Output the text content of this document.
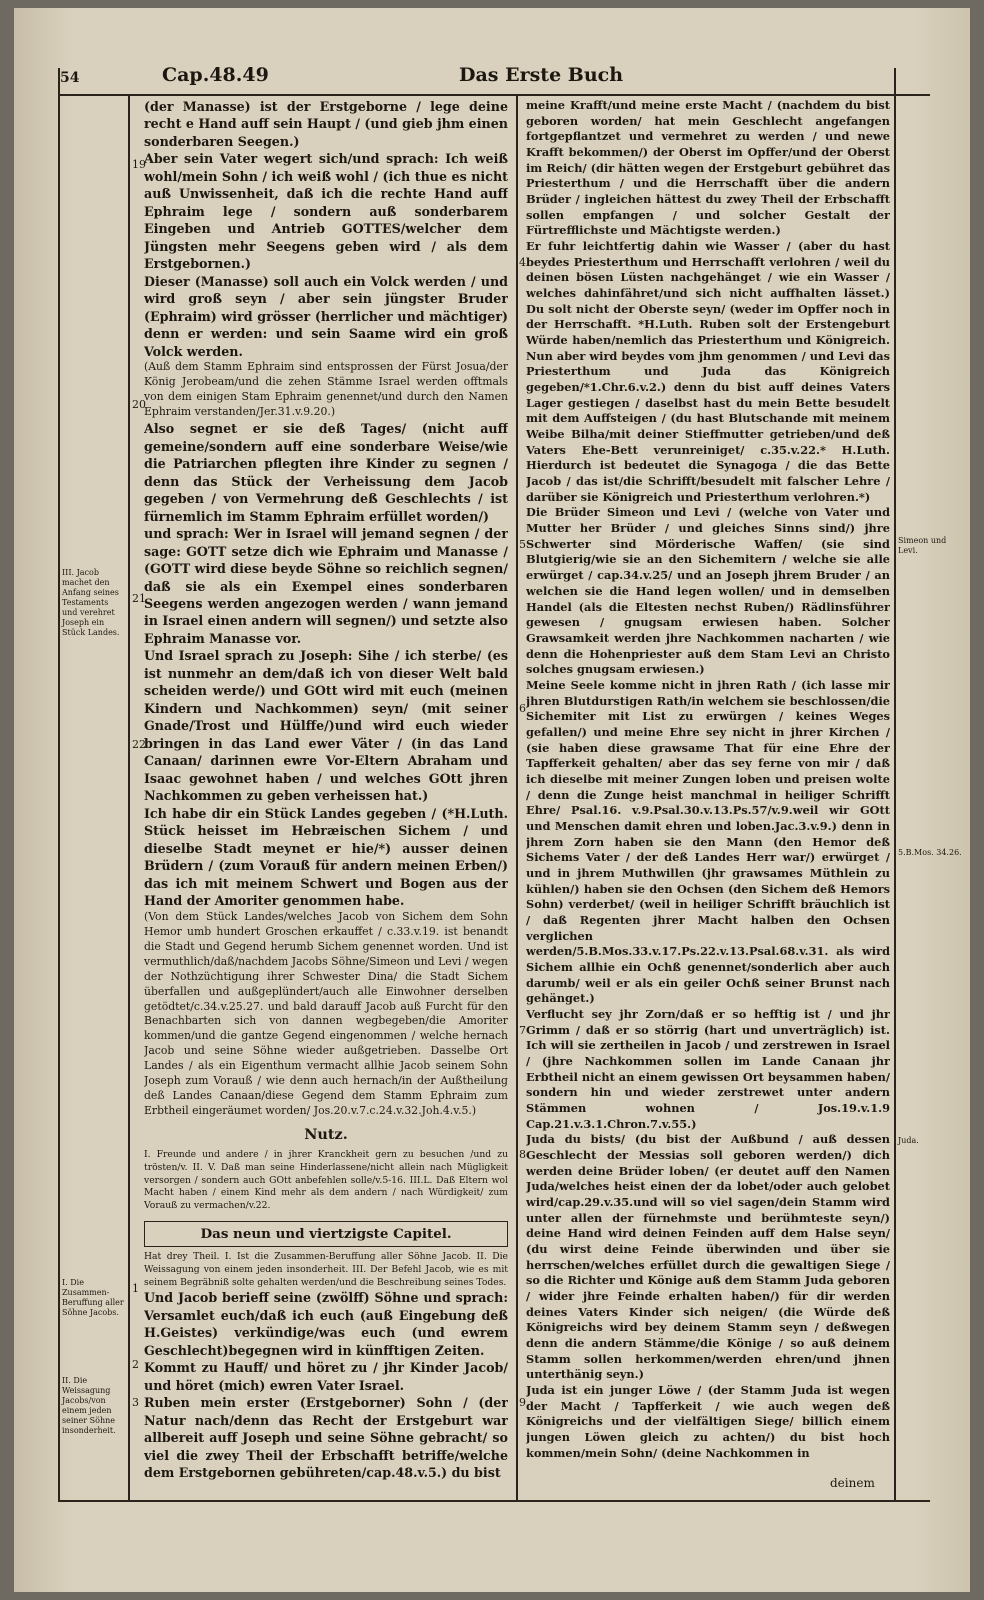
54	Cap.48.49	Das Erste Buch
III. Jacob machet den Anfang seines Testaments und verehret Joseph ein Stück Landes.
I. Die Zusammen-Beruffung aller Söhne Jacobs.
II. Die Weissagung Jacobs/von einem jeden seiner Söhne insonderheit.
Simeon und Levi.
5.B.Mos. 34.26.
Juda.
19
20
21
22
1
2
3
4
5
6
7
8
9

(der Manasse) ist der Erstgeborne / lege deine recht e Hand auff sein Haupt / (und gieb jhm einen sonderbaren Seegen.)

Aber sein Vater wegert sich/und sprach: Ich weiß wohl/mein Sohn / ich weiß wohl / (ich thue es nicht auß Unwissenheit, daß ich die rechte Hand auff Ephraim lege / sondern auß sonderbarem Eingeben und Antrieb GOTTES/welcher dem Jüngsten mehr Seegens geben wird / als dem Erstgebornen.)

Dieser (Manasse) soll auch ein Volck werden / und wird groß seyn / aber sein jüngster Bruder (Ephraim) wird grösser (herrlicher und mächtiger) denn er werden: und sein Saame wird ein groß Volck werden.

(Auß dem Stamm Ephraim sind entsprossen der Fürst Josua/der König Jerobeam/und die zehen Stämme Israel werden offtmals von dem einigen Stam Ephraim genennet/und durch den Namen Ephraim verstanden/Jer.31.v.9.20.)

Also segnet er sie deß Tages/ (nicht auff gemeine/sondern auff eine sonderbare Weise/wie die Patriarchen pflegten ihre Kinder zu segnen / denn das Stück der Verheissung dem Jacob gegeben / von Vermehrung deß Geschlechts / ist fürnemlich im Stamm Ephraim erfüllet worden/)

und sprach: Wer in Israel will jemand segnen / der sage: GOTT setze dich wie Ephraim und Manasse / (GOTT wird diese beyde Söhne so reichlich segnen/ daß sie als ein Exempel eines sonderbaren Seegens werden angezogen werden / wann jemand in Israel einen andern will segnen/) und setzte also Ephraim Manasse vor.

Und Israel sprach zu Joseph: Sihe / ich sterbe/ (es ist nunmehr an dem/daß ich von dieser Welt bald scheiden werde/) und GOtt wird mit euch (meinen Kindern und Nachkommen) seyn/ (mit seiner Gnade/Trost und Hülffe/)und wird euch wieder bringen in das Land ewer Väter / (in das Land Canaan/ darinnen ewre Vor-Eltern Abraham und Isaac gewohnet haben / und welches GOtt jhren Nachkommen zu geben verheissen hat.)

Ich habe dir ein Stück Landes gegeben / (*H.Luth. Stück heisset im Hebræischen Sichem / und dieselbe Stadt meynet er hie/*) ausser deinen Brüdern / (zum Vorauß für andern meinen Erben/) das ich mit meinem Schwert und Bogen aus der Hand der Amoriter genommen habe.

(Von dem Stück Landes/welches Jacob von Sichem dem Sohn Hemor umb hundert Groschen erkauffet / c.33.v.19. ist benandt die Stadt und Gegend herumb Sichem genennet worden. Und ist vermuthlich/daß/nachdem Jacobs Söhne/Simeon und Levi / wegen der Nothzüchtigung ihrer Schwester Dina/ die Stadt Sichem überfallen und außgeplündert/auch alle Einwohner derselben getödtet/c.34.v.25.27. und bald darauff Jacob auß Furcht für den Benachbarten sich von dannen wegbegeben/die Amoriter kommen/und die gantze Gegend eingenommen / welche hernach Jacob und seine Söhne wieder außgetrieben. Dasselbe Ort Landes / als ein Eigenthum vermacht allhie Jacob seinem Sohn Joseph zum Vorauß / wie denn auch hernach/in der Außtheilung deß Landes Canaan/diese Gegend dem Stamm Ephraim zum Erbtheil eingeräumet worden/ Jos.20.v.7.c.24.v.32.Joh.4.v.5.)

Nutz.

I. Freunde und andere / in jhrer Kranckheit gern zu besuchen /und zu trösten/v. II. V. Daß man seine Hinderlassene/nicht allein nach Mügligkeit versorgen / sondern auch GOtt anbefehlen solle/v.5-16. III.L. Daß Eltern wol Macht haben / einem Kind mehr als dem andern / nach Würdigkeit/ zum Vorauß zu vermachen/v.22.

Das neun und viertzigste Capitel.

Hat drey Theil. I. Ist die Zusammen-Beruffung aller Söhne Jacob. II. Die Weissagung von einem jeden insonderheit. III. Der Befehl Jacob, wie es mit seinem Begräbniß solte gehalten werden/und die Beschreibung seines Todes.

Und Jacob berieff seine (zwölff) Söhne und sprach: Versamlet euch/daß ich euch (auß Eingebung deß H.Geistes) verkündige/was euch (und ewrem Geschlecht)begegnen wird in künfftigen Zeiten.

Kommt zu Hauff/ und höret zu / jhr Kinder Jacob/ und höret (mich) ewren Vater Israel.

Ruben mein erster (Erstgeborner) Sohn / (der Natur nach/denn das Recht der Erstgeburt war allbereit auff Joseph und seine Söhne gebracht/ so viel die zwey Theil der Erbschafft betriffe/welche dem Erstgebornen gebühreten/cap.48.v.5.) du bist

meine Krafft/und meine erste Macht / (nachdem du bist geboren worden/ hat mein Geschlecht angefangen fortgepflantzet und vermehret zu werden / und newe Krafft bekommen/) der Oberst im Opffer/und der Oberst im Reich/ (dir hätten wegen der Erstgeburt gebühret das Priesterthum / und die Herrschafft über die andern Brüder / ingleichen hättest du zwey Theil der Erbschafft sollen empfangen / und solcher Gestalt der Fürtrefflichste und Mächtigste werden.)

Er fuhr leichtfertig dahin wie Wasser / (aber du hast beydes Priesterthum und Herrschafft verlohren / weil du deinen bösen Lüsten nachgehänget / wie ein Wasser / welches dahinfähret/und sich nicht auffhalten lässet.) Du solt nicht der Oberste seyn/ (weder im Opffer noch in der Herrschafft. *H.Luth. Ruben solt der Erstengeburt Würde haben/nemlich das Priesterthum und Königreich. Nun aber wird beydes vom jhm genommen / und Levi das Priesterthum und Juda das Königreich gegeben/*1.Chr.6.v.2.) denn du bist auff deines Vaters Lager gestiegen / daselbst hast du mein Bette besudelt mit dem Auffsteigen / (du hast Blutschande mit meinem Weibe Bilha/mit deiner Stieffmutter getrieben/und deß Vaters Ehe-Bett verunreiniget/ c.35.v.22.* H.Luth. Hierdurch ist bedeutet die Synagoga / die das Bette Jacob / das ist/die Schrifft/besudelt mit falscher Lehre / darüber sie Königreich und Priesterthum verlohren.*)

Die Brüder Simeon und Levi / (welche von Vater und Mutter her Brüder / und gleiches Sinns sind/) jhre Schwerter sind Mörderische Waffen/ (sie sind Blutgierig/wie sie an den Sichemitern / welche sie alle erwürget / cap.34.v.25/ und an Joseph jhrem Bruder / an welchen sie die Hand legen wollen/ und in demselben Handel (als die Eltesten nechst Ruben/) Rädlinsführer gewesen / gnugsam erwiesen haben. Solcher Grawsamkeit werden jhre Nachkommen nacharten / wie denn die Hohenpriester auß dem Stam Levi an Christo solches gnugsam erwiesen.)

Meine Seele komme nicht in jhren Rath / (ich lasse mir jhren Blutdurstigen Rath/in welchem sie beschlossen/die Sichemiter mit List zu erwürgen / keines Weges gefallen/) und meine Ehre sey nicht in jhrer Kirchen / (sie haben diese grawsame That für eine Ehre der Tapfferkeit gehalten/ aber das sey ferne von mir / daß ich dieselbe mit meiner Zungen loben und preisen wolte / denn die Zunge heist manchmal in heiliger Schrifft Ehre/ Psal.16. v.9.Psal.30.v.13.Ps.57/v.9.weil wir GOtt und Menschen damit ehren und loben.Jac.3.v.9.) denn in jhrem Zorn haben sie den Mann (den Hemor deß Sichems Vater / der deß Landes Herr war/) erwürget / und in jhrem Muthwillen (jhr grawsames Müthlein zu kühlen/) haben sie den Ochsen (den Sichem deß Hemors Sohn) verderbet/ (weil in heiliger Schrifft bräuchlich ist / daß Regenten jhrer Macht halben den Ochsen verglichen werden/5.B.Mos.33.v.17.Ps.22.v.13.Psal.68.v.31. als wird Sichem allhie ein Ochß genennet/sonderlich aber auch darumb/ weil er als ein geiler Ochß seiner Brunst nach gehänget.)

Verflucht sey jhr Zorn/daß er so hefftig ist / und jhr Grimm / daß er so störrig (hart und unverträglich) ist. Ich will sie zertheilen in Jacob / und zerstrewen in Israel / (jhre Nachkommen sollen im Lande Canaan jhr Erbtheil nicht an einem gewissen Ort beysammen haben/ sondern hin und wieder zerstrewet unter andern Stämmen wohnen / Jos.19.v.1.9 Cap.21.v.3.1.Chron.7.v.55.)

Juda du bists/ (du bist der Außbund / auß dessen Geschlecht der Messias soll geboren werden/) dich werden deine Brüder loben/ (er deutet auff den Namen Juda/welches heist einen der da lobet/oder auch gelobet wird/cap.29.v.35.und will so viel sagen/dein Stamm wird unter allen der fürnehmste und berühmteste seyn/) deine Hand wird deinen Feinden auff dem Halse seyn/ (du wirst deine Feinde überwinden und über sie herrschen/welches erfüllet durch die gewaltigen Siege / so die Richter und Könige auß dem Stamm Juda geboren / wider jhre Feinde erhalten haben/) für dir werden deines Vaters Kinder sich neigen/ (die Würde deß Königreichs wird bey deinem Stamm seyn / deßwegen denn die andern Stämme/die Könige / so auß deinem Stamm sollen herkommen/werden ehren/und jhnen unterthänig seyn.)

Juda ist ein junger Löwe / (der Stamm Juda ist wegen der Macht / Tapfferkeit / wie auch wegen deß Königreichs und der vielfältigen Siege/ billich einem jungen Löwen gleich zu achten/) du bist hoch kommen/mein Sohn/ (deine Nachkommen in

deinem
